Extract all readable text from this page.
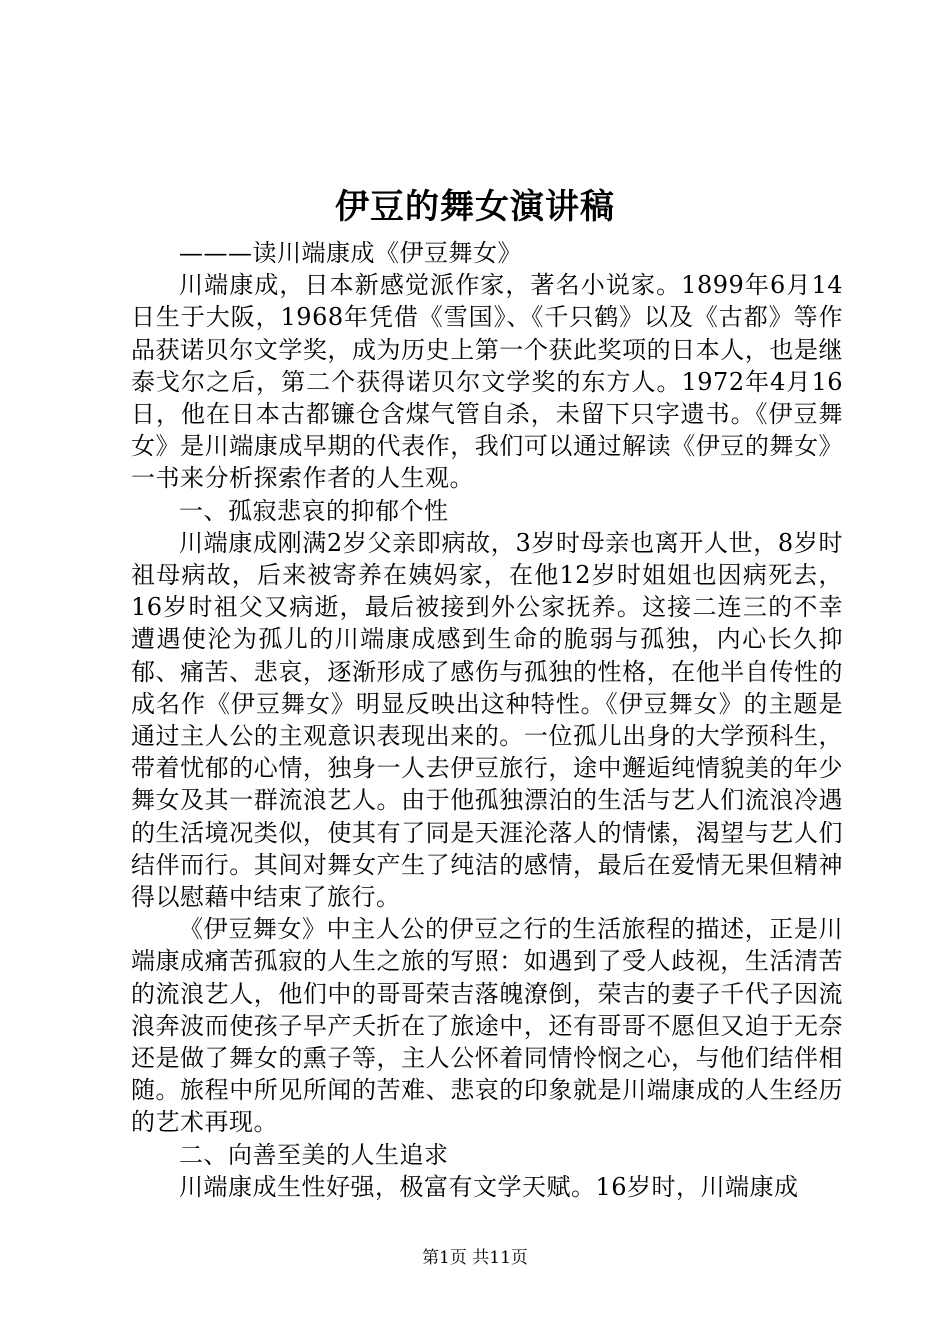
伊豆的舞女演讲稿

———读川端康成《伊豆舞女》

川端康成，日本新感觉派作家，著名小说家。1899年6月14日生于大阪，1968年凭借《雪国》、《千只鹤》以及《古都》等作品获诺贝尔文学奖，成为历史上第一个获此奖项的日本人，也是继泰戈尔之后，第二个获得诺贝尔文学奖的东方人。1972年4月16日，他在日本古都镰仓含煤气管自杀，未留下只字遗书。《伊豆舞女》是川端康成早期的代表作，我们可以通过解读《伊豆的舞女》一书来分析探索作者的人生观。

一、孤寂悲哀的抑郁个性

川端康成刚满2岁父亲即病故，3岁时母亲也离开人世，8岁时祖母病故，后来被寄养在姨妈家，在他12岁时姐姐也因病死去，16岁时祖父又病逝，最后被接到外公家抚养。这接二连三的不幸遭遇使沦为孤儿的川端康成感到生命的脆弱与孤独，内心长久抑郁、痛苦、悲哀，逐渐形成了感伤与孤独的性格，在他半自传性的成名作《伊豆舞女》明显反映出这种特性。《伊豆舞女》的主题是通过主人公的主观意识表现出来的。一位孤儿出身的大学预科生，带着忧郁的心情，独身一人去伊豆旅行，途中邂逅纯情貌美的年少舞女及其一群流浪艺人。由于他孤独漂泊的生活与艺人们流浪冷遇的生活境况类似，使其有了同是天涯沦落人的情愫，渴望与艺人们结伴而行。其间对舞女产生了纯洁的感情，最后在爱情无果但精神得以慰藉中结束了旅行。

《伊豆舞女》中主人公的伊豆之行的生活旅程的描述，正是川端康成痛苦孤寂的人生之旅的写照：如遇到了受人歧视，生活清苦的流浪艺人，他们中的哥哥荣吉落魄潦倒，荣吉的妻子千代子因流浪奔波而使孩子早产夭折在了旅途中，还有哥哥不愿但又迫于无奈还是做了舞女的熏子等，主人公怀着同情怜悯之心，与他们结伴相随。旅程中所见所闻的苦难、悲哀的印象就是川端康成的人生经历的艺术再现。

二、向善至美的人生追求

川端康成生性好强，极富有文学天赋。16岁时，川端康成

第1页 共11页
